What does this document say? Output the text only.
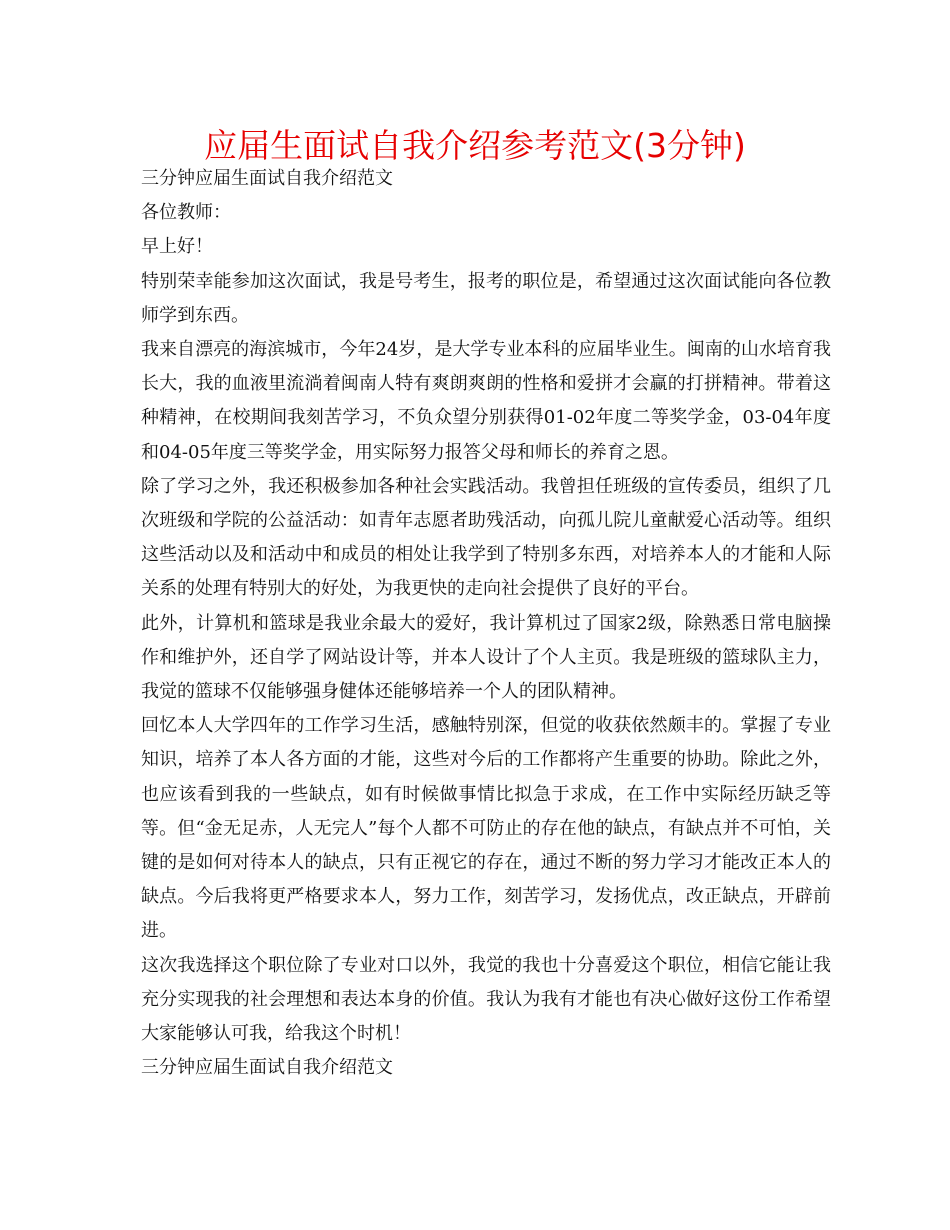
应届生面试自我介绍参考范文(3分钟)

三分钟应届生面试自我介绍范文

各位教师：

早上好！

特别荣幸能参加这次面试，我是号考生，报考的职位是，希望通过这次面试能向各位教师学到东西。

我来自漂亮的海滨城市，今年24岁，是大学专业本科的应届毕业生。闽南的山水培育我长大，我的血液里流淌着闽南人特有爽朗爽朗的性格和爱拼才会赢的打拼精神。带着这种精神，在校期间我刻苦学习，不负众望分别获得01-02年度二等奖学金，03-04年度和04-05年度三等奖学金，用实际努力报答父母和师长的养育之恩。

除了学习之外，我还积极参加各种社会实践活动。我曾担任班级的宣传委员，组织了几次班级和学院的公益活动：如青年志愿者助残活动，向孤儿院儿童献爱心活动等。组织这些活动以及和活动中和成员的相处让我学到了特别多东西，对培养本人的才能和人际关系的处理有特别大的好处，为我更快的走向社会提供了良好的平台。

此外，计算机和篮球是我业余最大的爱好，我计算机过了国家2级，除熟悉日常电脑操作和维护外，还自学了网站设计等，并本人设计了个人主页。我是班级的篮球队主力，我觉的篮球不仅能够强身健体还能够培养一个人的团队精神。

回忆本人大学四年的工作学习生活，感触特别深，但觉的收获依然颇丰的。掌握了专业知识，培养了本人各方面的才能，这些对今后的工作都将产生重要的协助。除此之外，也应该看到我的一些缺点，如有时候做事情比拟急于求成，在工作中实际经历缺乏等等。但“金无足赤，人无完人”每个人都不可防止的存在他的缺点，有缺点并不可怕，关键的是如何对待本人的缺点，只有正视它的存在，通过不断的努力学习才能改正本人的缺点。今后我将更严格要求本人，努力工作，刻苦学习，发扬优点，改正缺点，开辟前进。

这次我选择这个职位除了专业对口以外，我觉的我也十分喜爱这个职位，相信它能让我充分实现我的社会理想和表达本身的价值。我认为我有才能也有决心做好这份工作希望大家能够认可我，给我这个时机！

三分钟应届生面试自我介绍范文
